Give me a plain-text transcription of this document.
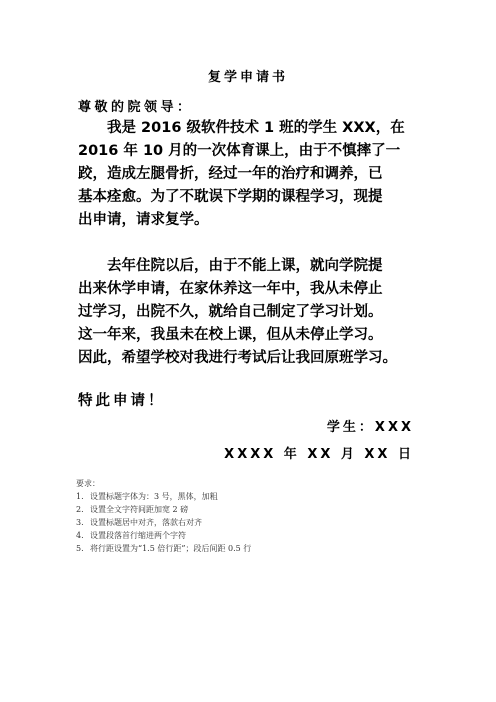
复学申请书
尊敬的院领导：
　　我是 2016 级软件技术 1 班的学生 XXX，在
2016 年 10 月的一次体育课上，由于不慎摔了一
跤，造成左腿骨折，经过一年的治疗和调养，已
基本痊愈。为了不耽误下学期的课程学习，现提
出申请，请求复学。
　　去年住院以后，由于不能上课，就向学院提
出来休学申请，在家休养这一年中，我从未停止
过学习，出院不久，就给自己制定了学习计划。
这一年来，我虽未在校上课，但从未停止学习。
因此，希望学校对我进行考试后让我回原班学习。
特此申请！
学生：XXX
XXXX 年 XX 月 XX 日
要求：
1. 设置标题字体为：3 号，黑体，加粗
2. 设置全文字符间距加宽 2 磅
3. 设置标题居中对齐，落款右对齐
4. 设置段落首行缩进两个字符
5. 将行距设置为“1.5 倍行距”；段后间距 0.5 行
